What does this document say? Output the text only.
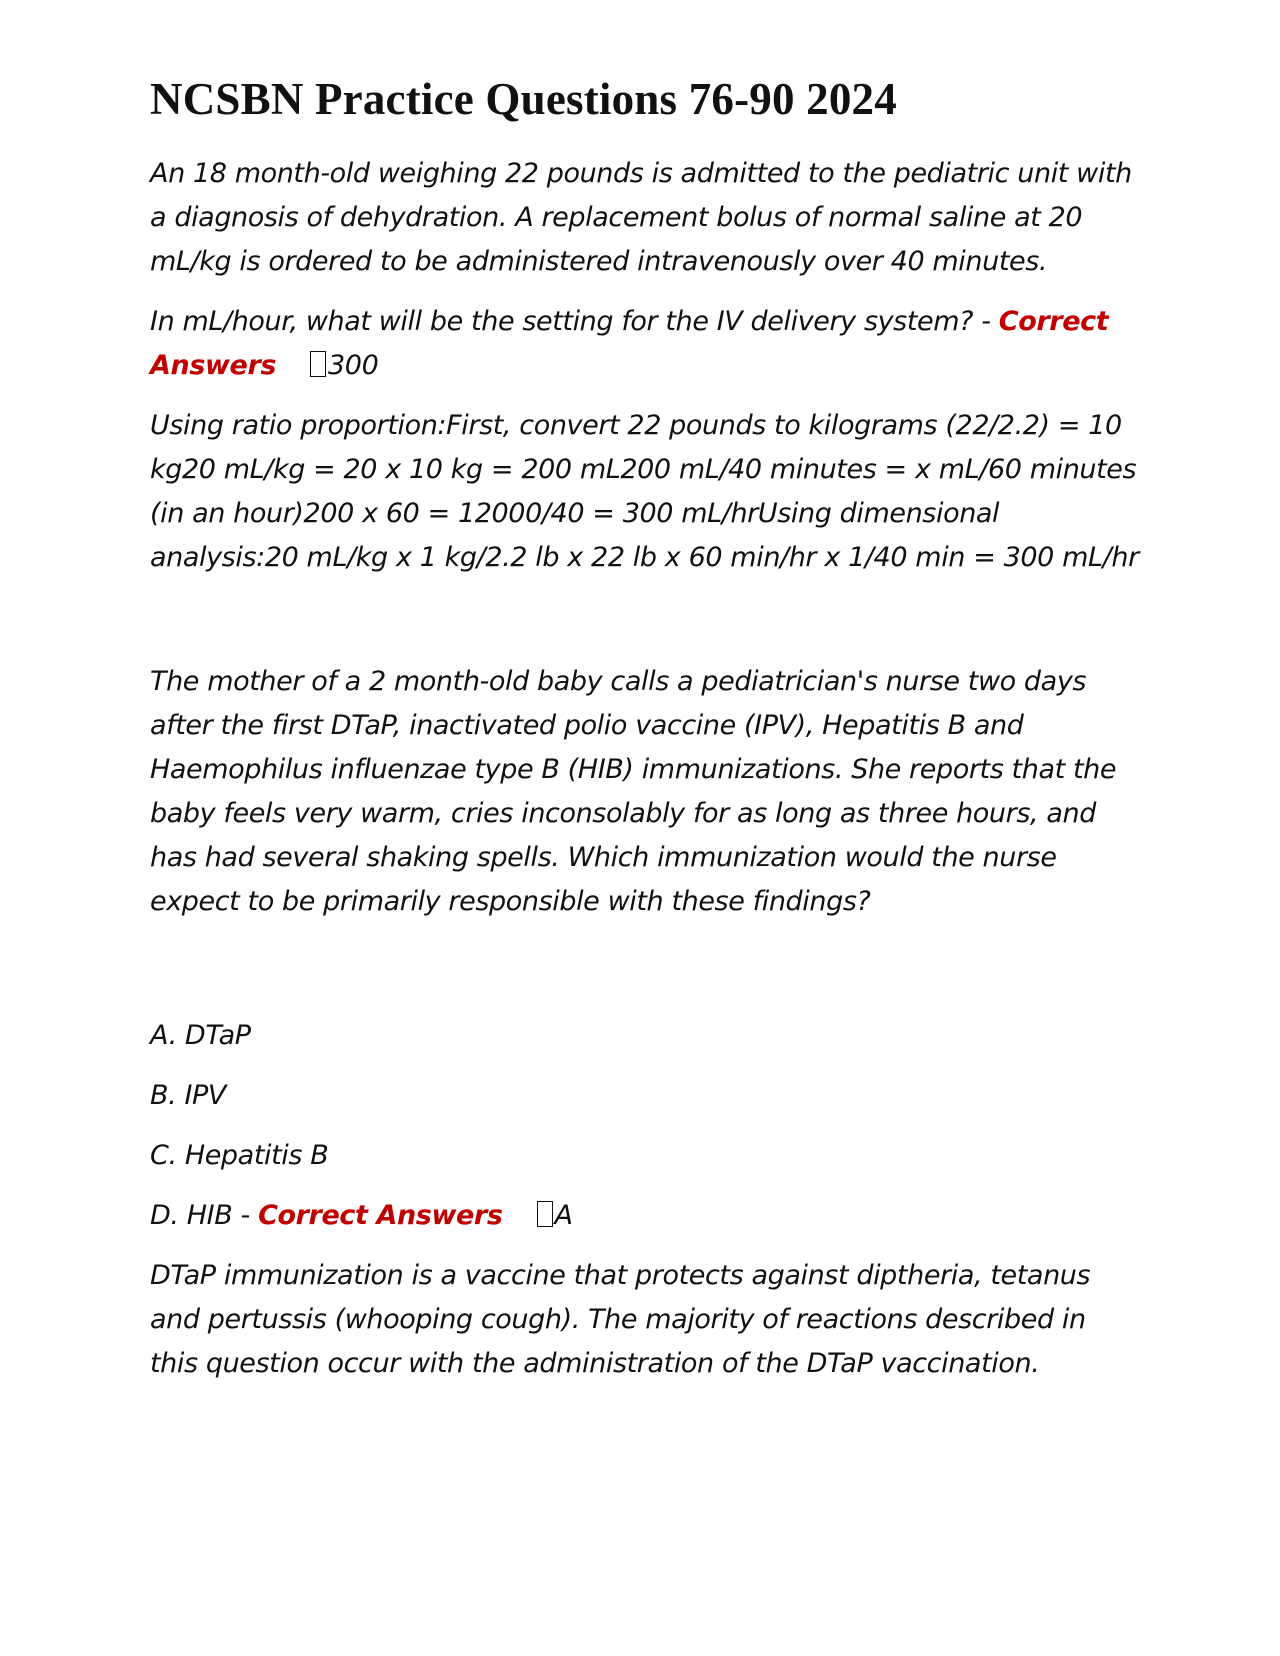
NCSBN Practice Questions 76-90 2024

An 18 month-old weighing 22 pounds is admitted to the pediatric unit with a diagnosis of dehydration. A replacement bolus of normal saline at 20 mL/kg is ordered to be administered intravenously over 40 minutes.

In mL/hour, what will be the setting for the IV delivery system? - Correct Answers 300

Using ratio proportion:First, convert 22 pounds to kilograms (22/2.2) = 10 kg20 mL/kg = 20 x 10 kg = 200 mL200 mL/40 minutes = x mL/60 minutes (in an hour)200 x 60 = 12000/40 = 300 mL/hrUsing dimensional analysis:20 mL/kg x 1 kg/2.2 lb x 22 lb x 60 min/hr x 1/40 min = 300 mL/hr

The mother of a 2 month-old baby calls a pediatrician's nurse two days after the first DTaP, inactivated polio vaccine (IPV), Hepatitis B and Haemophilus influenzae type B (HIB) immunizations. She reports that the baby feels very warm, cries inconsolably for as long as three hours, and has had several shaking spells. Which immunization would the nurse expect to be primarily responsible with these findings?

A. DTaP

B. IPV

C. Hepatitis B

D. HIB - Correct Answers A

DTaP immunization is a vaccine that protects against diptheria, tetanus and pertussis (whooping cough). The majority of reactions described in this question occur with the administration of the DTaP vaccination.
